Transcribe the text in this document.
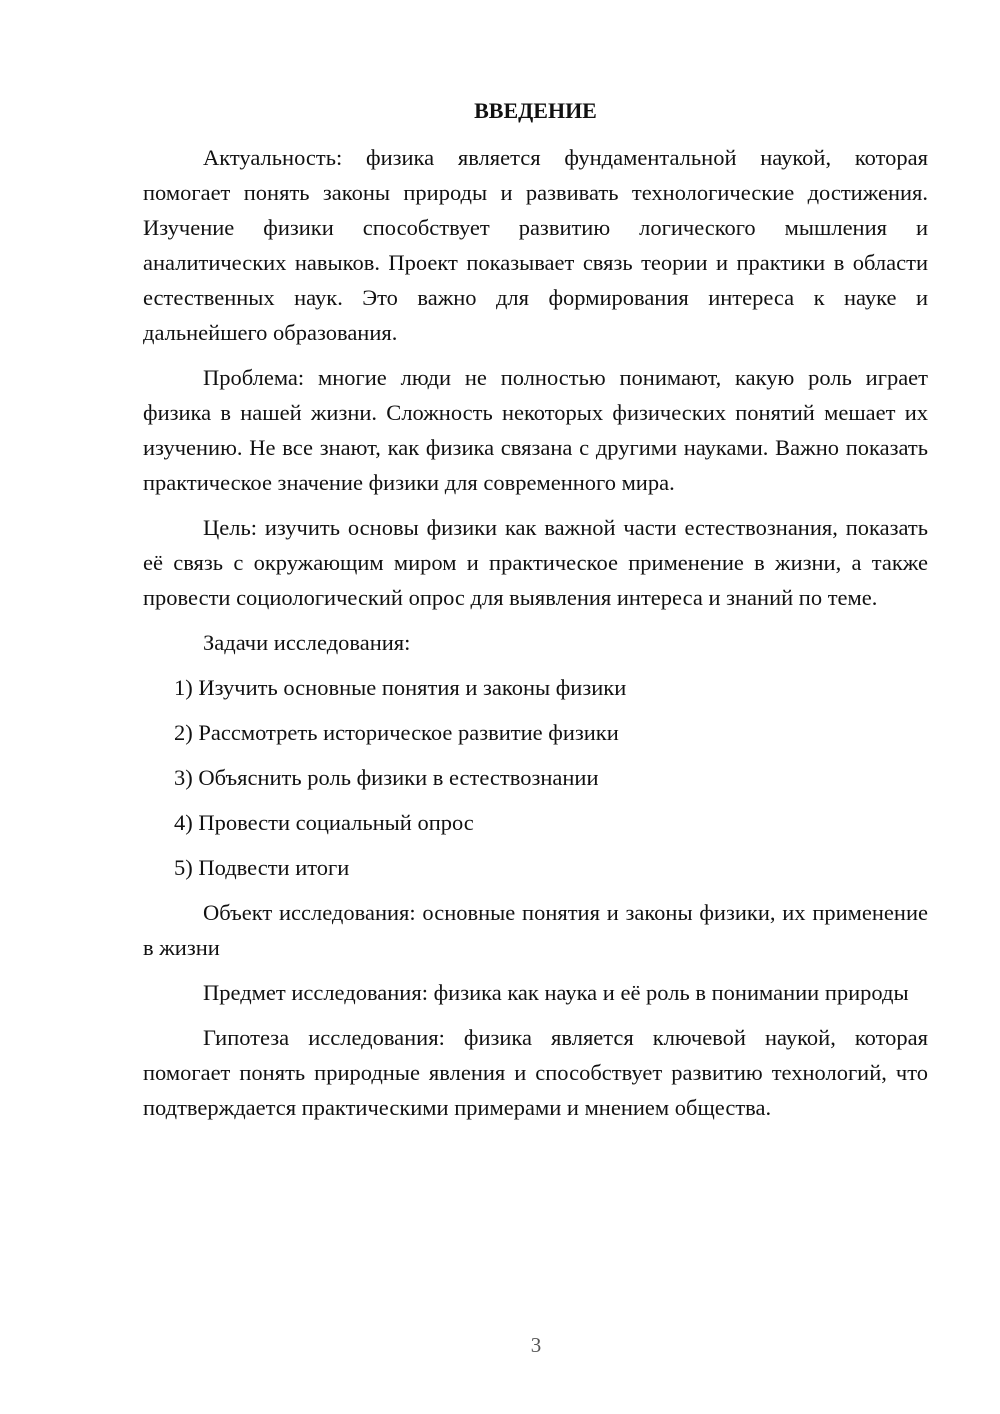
ВВЕДЕНИЕ

Актуальность: физика является фундаментальной наукой, которая помогает понять законы природы и развивать технологические достижения. Изучение физики способствует развитию логического мышления и аналитических навыков. Проект показывает связь теории и практики в области естественных наук. Это важно для формирования интереса к науке и дальнейшего образования.

Проблема: многие люди не полностью понимают, какую роль играет физика в нашей жизни. Сложность некоторых физических понятий мешает их изучению. Не все знают, как физика связана с другими науками. Важно показать практическое значение физики для современного мира.

Цель: изучить основы физики как важной части естествознания, показать её связь с окружающим миром и практическое применение в жизни, а также провести социологический опрос для выявления интереса и знаний по теме.

Задачи исследования:

1) Изучить основные понятия и законы физики
2) Рассмотреть историческое развитие физики
3) Объяснить роль физики в естествознании
4) Провести социальный опрос
5) Подвести итоги

Объект исследования: основные понятия и законы физики, их применение в жизни

Предмет исследования: физика как наука и её роль в понимании природы

Гипотеза исследования: физика является ключевой наукой, которая помогает понять природные явления и способствует развитию технологий, что подтверждается практическими примерами и мнением общества.

3
